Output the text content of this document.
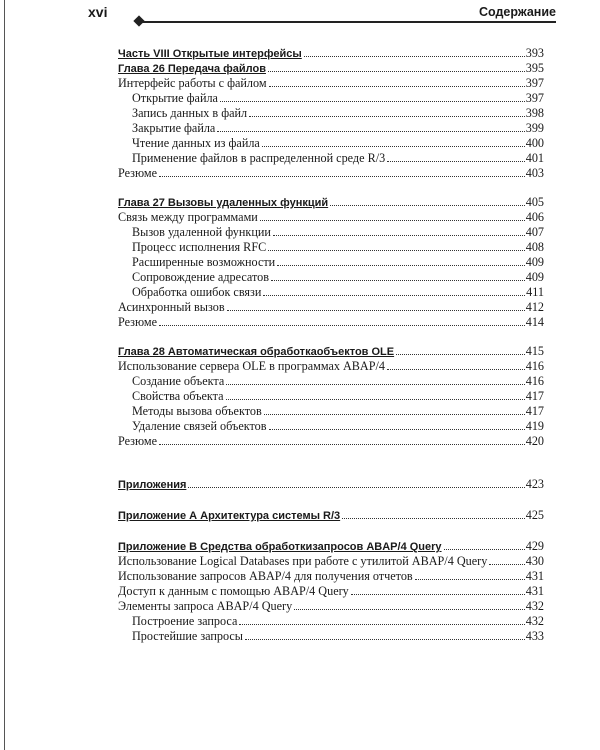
xvi	Содержание
Часть VIII Открытые интерфейсы	393
Глава 26 Передача файлов	395
Интерфейс работы с файлом	397
Открытие файла	397
Запись данных в файл	398
Закрытие файла	399
Чтение данных из файла	400
Применение файлов в распределенной среде R/3	401
Резюме	403
Глава 27 Вызовы удаленных функций	405
Связь между программами	406
Вызов удаленной функции	407
Процесс исполнения RFC	408
Расширенные возможности	409
Сопровождение адресатов	409
Обработка ошибок связи	411
Асинхронный вызов	412
Резюме	414
Глава 28 Автоматическая обработкаобъектов OLE	415
Использование сервера OLE в программах ABAP/4	416
Создание объекта	416
Свойства объекта	417
Методы вызова объектов	417
Удаление связей объектов	419
Резюме	420
Приложения	423
Приложение А Архитектура системы R/3	425
Приложение В Средства обработкизапросов ABAP/4 Query	429
Использование Logical Databases при работе с утилитой ABAP/4 Query	430
Использование запросов ABAP/4 для получения отчетов	431
Доступ к данным с помощью ABAP/4 Query	431
Элементы запроса ABAP/4 Query	432
Построение запроса	432
Простейшие запросы	433
